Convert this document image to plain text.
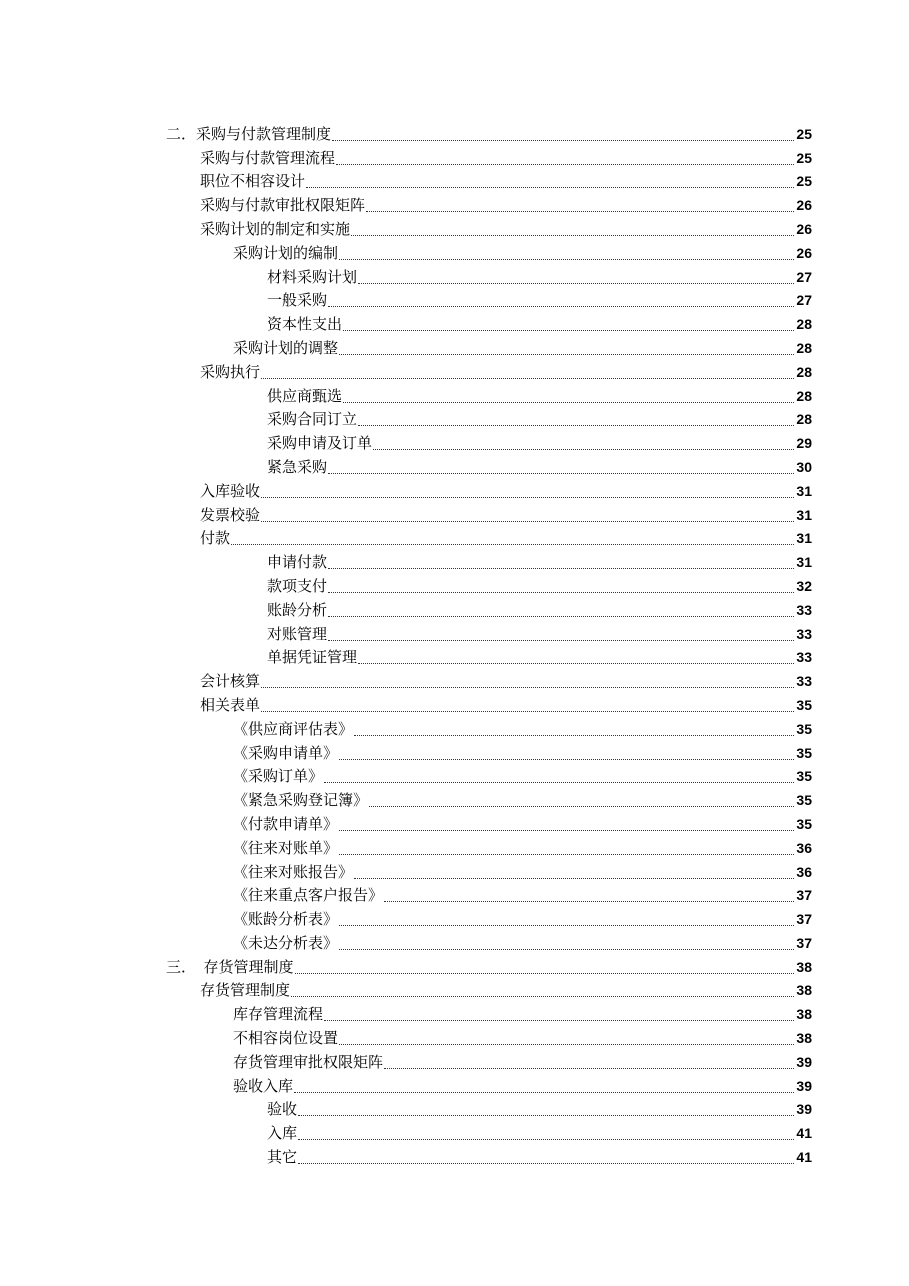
二．采购与付款管理制度	25
采购与付款管理流程	25
职位不相容设计	25
采购与付款审批权限矩阵	26
采购计划的制定和实施	26
采购计划的编制	26
材料采购计划	27
一般采购	27
资本性支出	28
采购计划的调整	28
采购执行	28
供应商甄选	28
采购合同订立	28
采购申请及订单	29
紧急采购	30
入库验收	31
发票校验	31
付款	31
申请付款	31
款项支付	32
账龄分析	33
对账管理	33
单据凭证管理	33
会计核算	33
相关表单	35
《供应商评估表》	35
《采购申请单》	35
《采购订单》	35
《紧急采购登记簿》	35
《付款申请单》	35
《往来对账单》	36
《往来对账报告》	36
《往来重点客户报告》	37
《账龄分析表》	37
《未达分析表》	37
三．　存货管理制度	38
存货管理制度	38
库存管理流程	38
不相容岗位设置	38
存货管理审批权限矩阵	39
验收入库	39
验收	39
入库	41
其它	41
